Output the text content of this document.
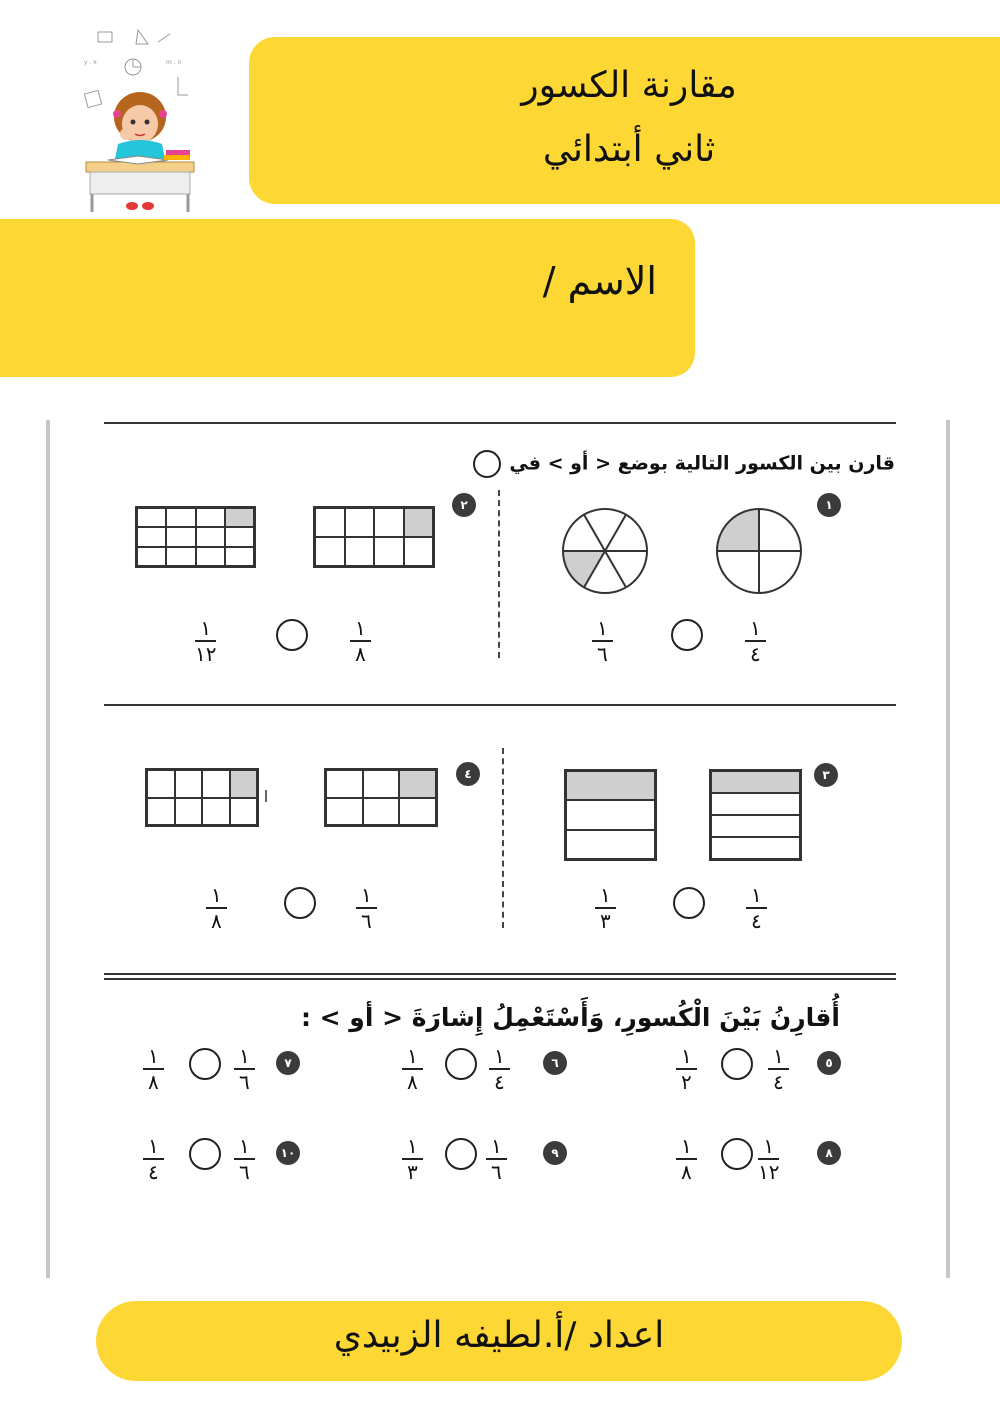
y . x	m . n
مقارنة الكسور
ثاني أبتدائي
الاسم /
قارن بين الكسور التالية بوضع < أو > في
١
١
٤
١
٦
٢
١
٨
١
١٢
٣
١
٤
١
٣
٤
١
٦
١
٨
أُقارِنُ بَيْنَ الْكُسورِ، وَأَسْتَعْمِلُ إِشارَةَ < أو > :
٥
١
٤
١
٢
٦
١
٤
١
٨
٧
١
٦
١
٨
٨
١
١٢
١
٨
٩
١
٦
١
٣
١٠
١
٦
١
٤
اعداد /أ.لطيفه الزبيدي
